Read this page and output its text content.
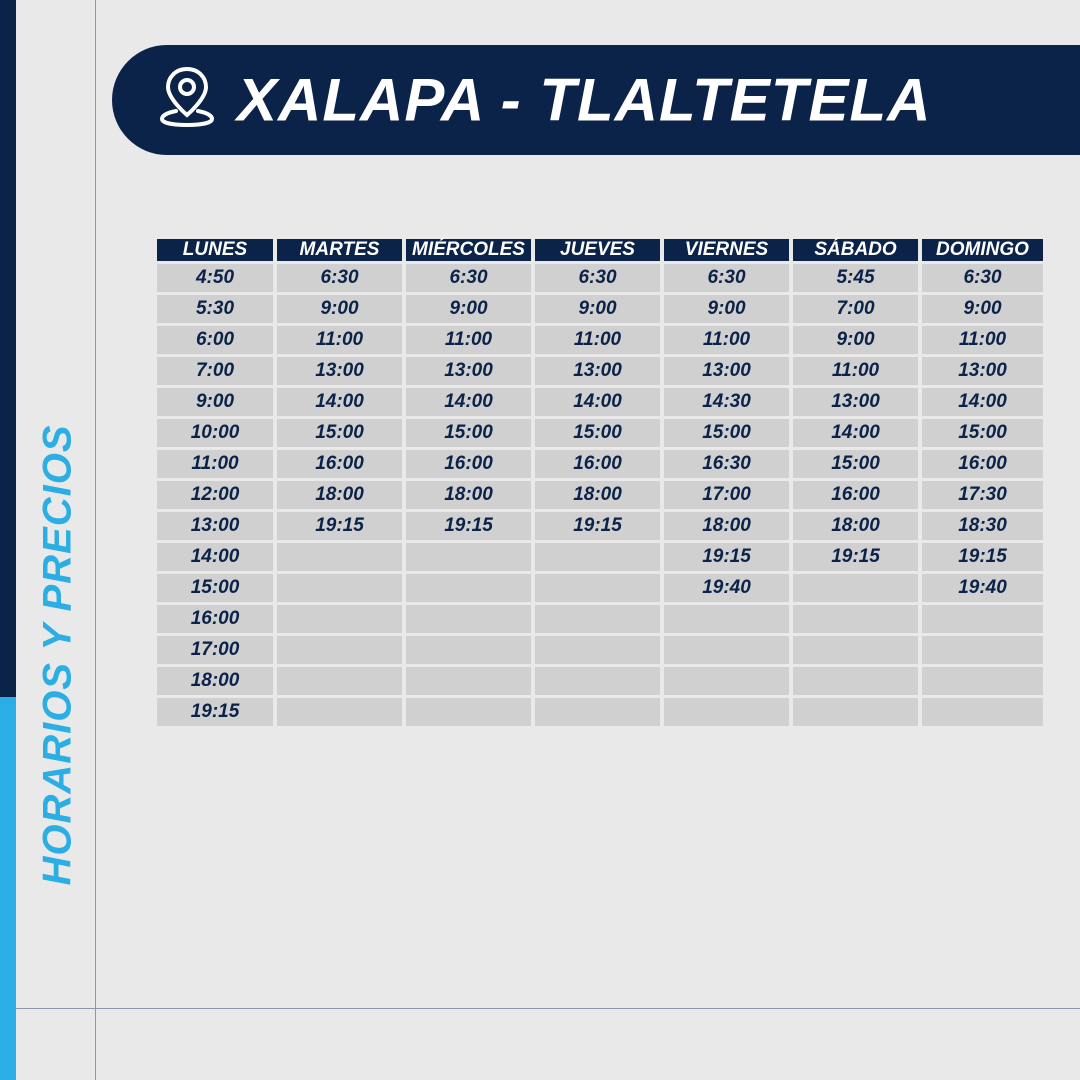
HORARIOS Y PRECIOS
XALAPA - TLALTETELA
LUNES	MARTES	MIÉRCOLES	JUEVES	VIERNES	SÁBADO	DOMINGO
4:50	6:30	6:30	6:30	6:30	5:45	6:30
5:30	9:00	9:00	9:00	9:00	7:00	9:00
6:00	11:00	11:00	11:00	11:00	9:00	11:00
7:00	13:00	13:00	13:00	13:00	11:00	13:00
9:00	14:00	14:00	14:00	14:30	13:00	14:00
10:00	15:00	15:00	15:00	15:00	14:00	15:00
11:00	16:00	16:00	16:00	16:30	15:00	16:00
12:00	18:00	18:00	18:00	17:00	16:00	17:30
13:00	19:15	19:15	19:15	18:00	18:00	18:30
14:00				19:15	19:15	19:15
15:00				19:40		19:40
16:00						
17:00						
18:00						
19:15						
